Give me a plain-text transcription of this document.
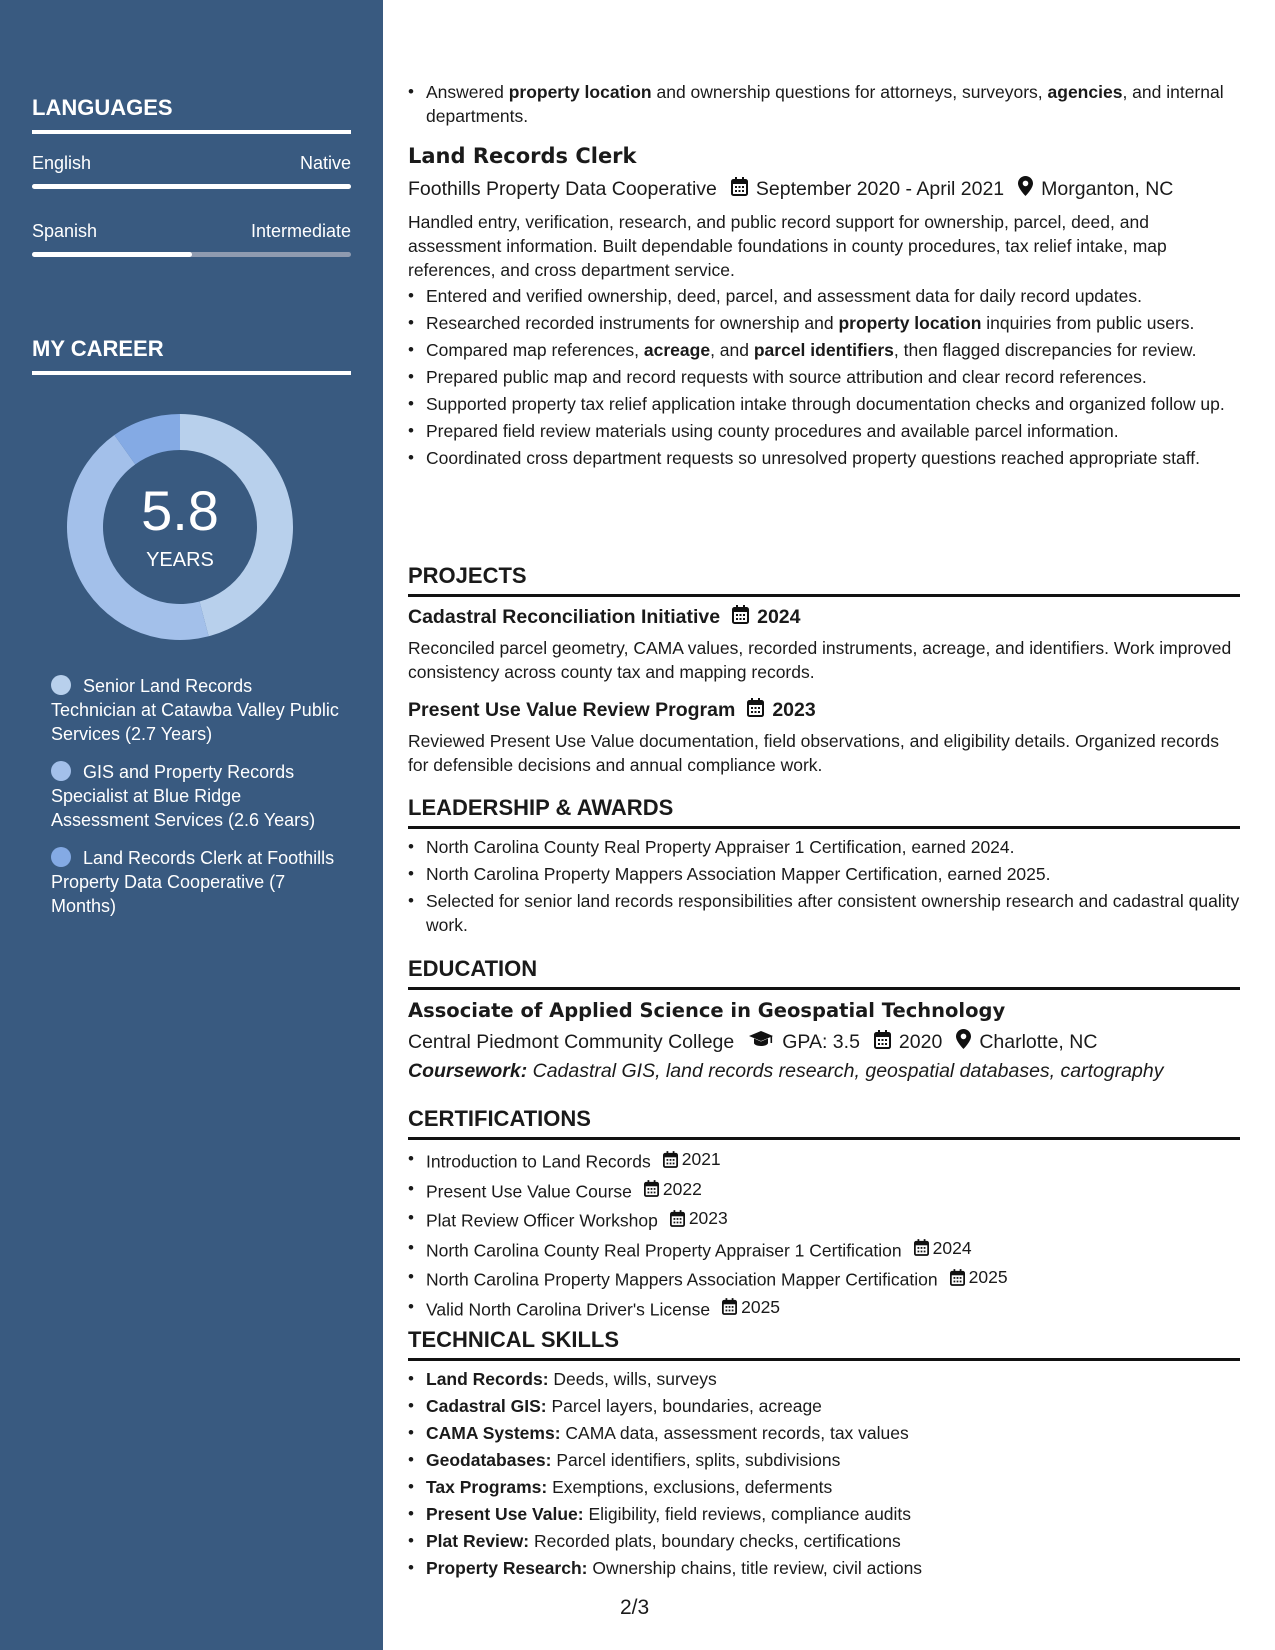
LANGUAGES
English	Native
Spanish	Intermediate
MY CAREER
5.8
YEARS
Senior Land Records Technician at Catawba Valley Public Services (2.7 Years)
GIS and Property Records Specialist at Blue Ridge Assessment Services (2.6 Years)
Land Records Clerk at Foothills Property Data Cooperative (7 Months)
• Answered property location and ownership questions for attorneys, surveyors, agencies, and internal departments.
Land Records Clerk
Foothills Property Data Cooperative September 2020 - April 2021 Morganton, NC
Handled entry, verification, research, and public record support for ownership, parcel, deed, and assessment information. Built dependable foundations in county procedures, tax relief intake, map references, and cross department service.
• Entered and verified ownership, deed, parcel, and assessment data for daily record updates.
• Researched recorded instruments for ownership and property location inquiries from public users.
• Compared map references, acreage, and parcel identifiers, then flagged discrepancies for review.
• Prepared public map and record requests with source attribution and clear record references.
• Supported property tax relief application intake through documentation checks and organized follow up.
• Prepared field review materials using county procedures and available parcel information.
• Coordinated cross department requests so unresolved property questions reached appropriate staff.
PROJECTS
Cadastral Reconciliation Initiative 2024
Reconciled parcel geometry, CAMA values, recorded instruments, acreage, and identifiers. Work improved consistency across county tax and mapping records.
Present Use Value Review Program 2023
Reviewed Present Use Value documentation, field observations, and eligibility details. Organized records for defensible decisions and annual compliance work.
LEADERSHIP & AWARDS
• North Carolina County Real Property Appraiser 1 Certification, earned 2024.
• North Carolina Property Mappers Association Mapper Certification, earned 2025.
• Selected for senior land records responsibilities after consistent ownership research and cadastral quality work.
EDUCATION
Associate of Applied Science in Geospatial Technology
Central Piedmont Community College GPA: 3.5 2020 Charlotte, NC
Coursework: Cadastral GIS, land records research, geospatial databases, cartography
CERTIFICATIONS
• Introduction to Land Records 2021
• Present Use Value Course 2022
• Plat Review Officer Workshop 2023
• North Carolina County Real Property Appraiser 1 Certification 2024
• North Carolina Property Mappers Association Mapper Certification 2025
• Valid North Carolina Driver's License 2025
TECHNICAL SKILLS
• Land Records: Deeds, wills, surveys
• Cadastral GIS: Parcel layers, boundaries, acreage
• CAMA Systems: CAMA data, assessment records, tax values
• Geodatabases: Parcel identifiers, splits, subdivisions
• Tax Programs: Exemptions, exclusions, deferments
• Present Use Value: Eligibility, field reviews, compliance audits
• Plat Review: Recorded plats, boundary checks, certifications
• Property Research: Ownership chains, title review, civil actions
2/3
